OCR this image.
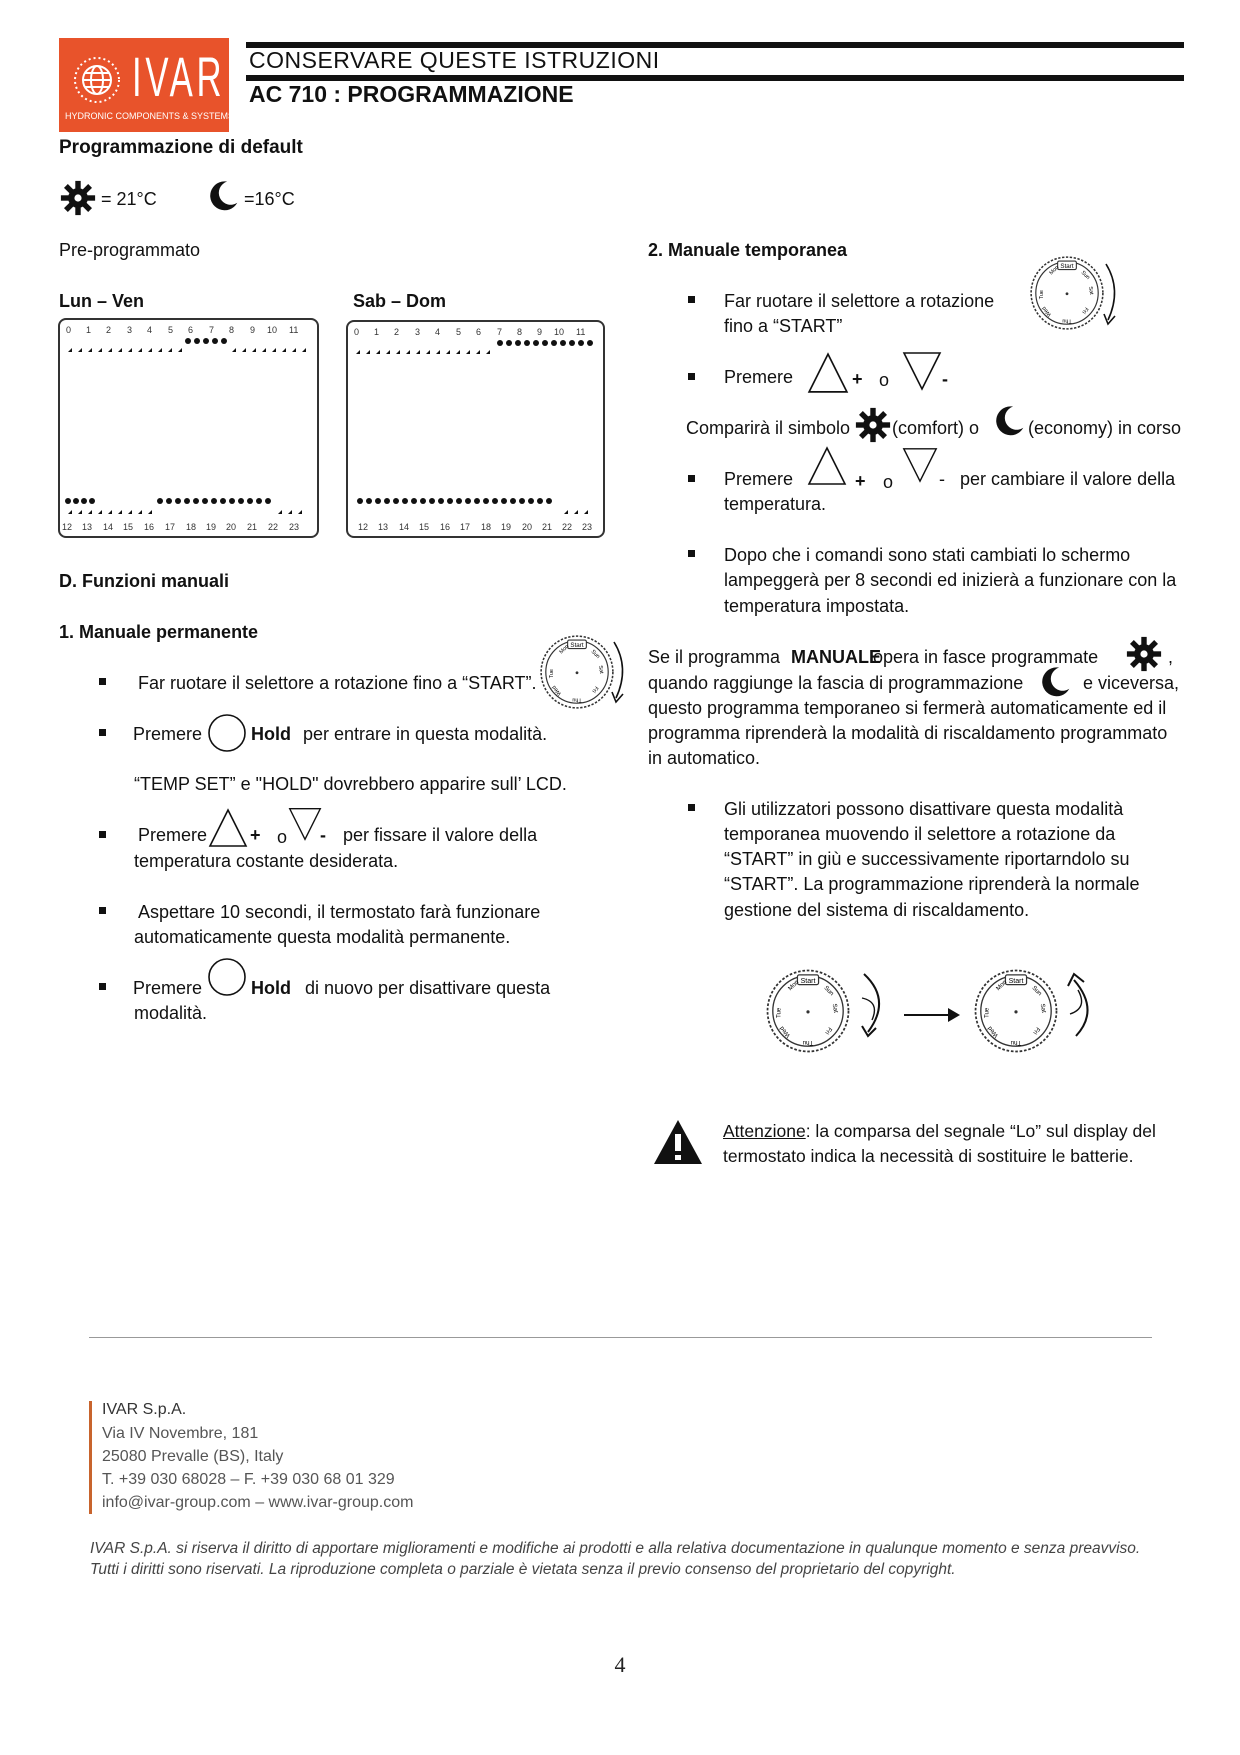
IVAR
HYDRONIC COMPONENTS & SYSTEMS
CONSERVARE QUESTE ISTRUZIONI
AC 710 : PROGRAMMAZIONE
Programmazione di default
= 21°C	=16°C
Pre-programmato
Lun – Ven	Sab – Dom
0 1 2 3 4 5 6 7 8 9 10 11
12 13 14 15 16 17 18 19 20 21 22 23
0 1 2 3 4 5 6 7 8 9 10 11
12 13 14 15 16 17 18 19 20 21 22 23
D. Funzioni manuali
1. Manuale permanente
Far ruotare il selettore a rotazione fino a “START”.
Start
Mon	Sun
Sat
Fri
Thu
Wed
Tue
Premere	Hold per entrare in questa modalità.
“TEMP SET” e "HOLD" dovrebbero apparire sull’ LCD.
Premere + o - per fissare il valore della
temperatura costante desiderata.
Aspettare 10 secondi, il termostato farà funzionare
automaticamente questa modalità permanente.
Premere	Hold di nuovo per disattivare questa
modalità.
2. Manuale temporanea
Start
Mon	Sun
Sat
Fri
Thu
Wed
Tue
Far ruotare il selettore a rotazione
fino a “START”
Premere	+ o	-
Comparirà il simbolo (comfort) o	(economy) in corso
Premere	+ o	- per cambiare il valore della
temperatura.
Dopo che i comandi sono stati cambiati lo schermo
lampeggerà per 8 secondi ed inizierà a funzionare con la
temperatura impostata.
Se il programma MANUALE
opera in fasce programmate	,
quando raggiunge la fascia di programmazione	e viceversa,
questo programma temporaneo si fermerà automaticamente ed il
programma riprenderà la modalità di riscaldamento programmato
in automatico.
Gli utilizzatori possono disattivare questa modalità
temporanea muovendo il selettore a rotazione da
“START” in giù e successivamente riportarndolo su
“START”. La programmazione riprenderà la normale
gestione del sistema di riscaldamento.
Start
Mon	Sun
Sat
Fri
Thu
Wed
Tue
Start
Mon	Sun
Sat
Fri
Thu
Wed
Tue
Attenzione: la comparsa del segnale “Lo” sul display del
termostato indica la necessità di sostituire le batterie.
IVAR S.p.A.
Via IV Novembre, 181
25080 Prevalle (BS), Italy
T. +39 030 68028 – F. +39 030 68 01 329
info@ivar-group.com – www.ivar-group.com
IVAR S.p.A. si riserva il diritto di apportare miglioramenti e modifiche ai prodotti e alla relativa documentazione in qualunque momento e senza preavviso. Tutti i diritti sono riservati. La riproduzione completa o parziale è vietata senza il previo consenso del proprietario del copyright.
4
